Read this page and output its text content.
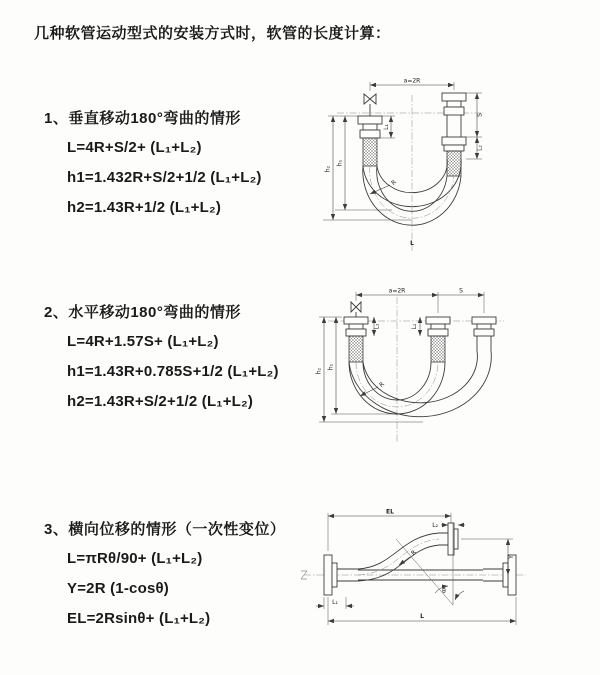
几种软管运动型式的安装方式时，软管的长度计算：
1、垂直移动180°弯曲的情形
L=4R+S/2+ (L₁+L₂)
h1=1.432R+S/2+1/2 (L₁+L₂)
h2=1.43R+1/2 (L₁+L₂)
a=2R
h₂
h₁
L₁
S
L₂
R
L
2、水平移动180°弯曲的情形
L=4R+1.57S+ (L₁+L₂)
h1=1.43R+0.785S+1/2 (L₁+L₂)
h2=1.43R+S/2+1/2 (L₁+L₂)
a=2R	S
h₂
h₁
L₁	L₂
R
3、横向位移的情形（一次性变位）
L=πRθ/90+ (L₁+L₂)
Y=2R (1-cosθ)
EL=2Rsinθ+ (L₁+L₂)
EL
L₂
L₁
Y
θ
R
L
